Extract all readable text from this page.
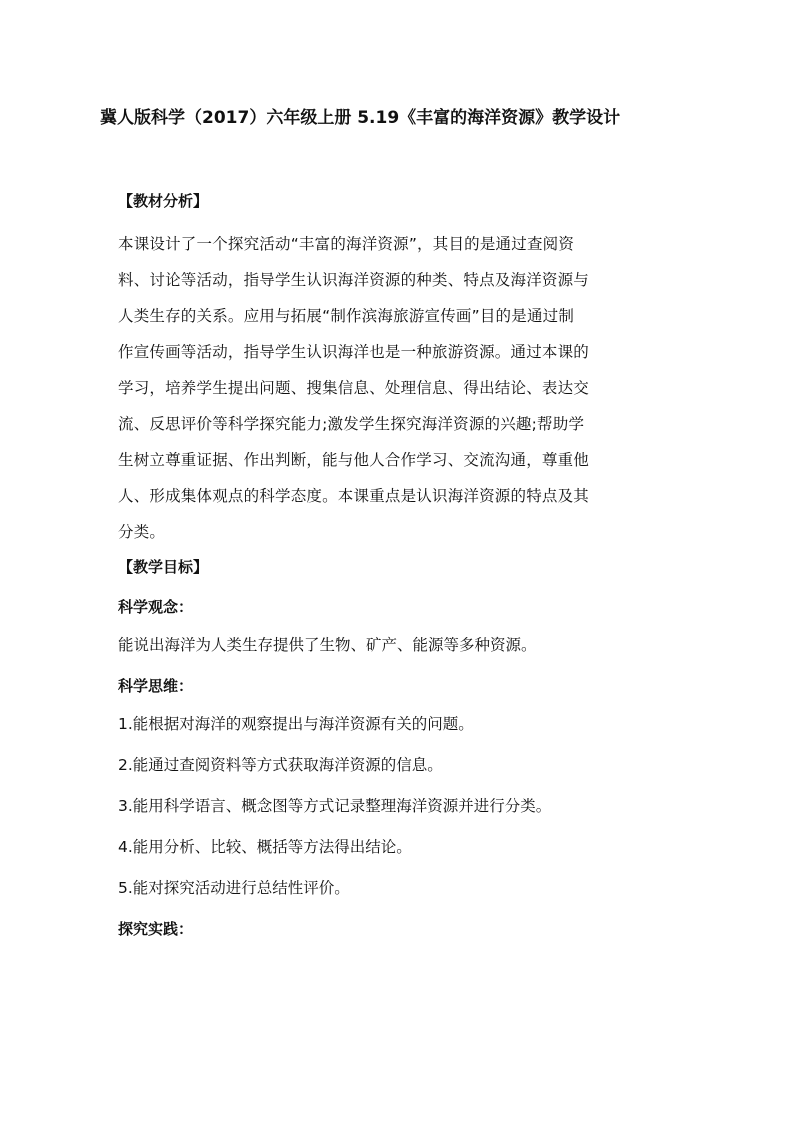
冀人版科学（2017）六年级上册 5.19《丰富的海洋资源》教学设计
【教材分析】
本课设计了一个探究活动“丰富的海洋资源”，其目的是通过查阅资
料、讨论等活动，指导学生认识海洋资源的种类、特点及海洋资源与
人类生存的关系。应用与拓展“制作滨海旅游宣传画”目的是通过制
作宣传画等活动，指导学生认识海洋也是一种旅游资源。通过本课的
学习，培养学生提出问题、搜集信息、处理信息、得出结论、表达交
流、反思评价等科学探究能力;激发学生探究海洋资源的兴趣;帮助学
生树立尊重证据、作出判断，能与他人合作学习、交流沟通，尊重他
人、形成集体观点的科学态度。本课重点是认识海洋资源的特点及其
分类。
【教学目标】
科学观念：
能说出海洋为人类生存提供了生物、矿产、能源等多种资源。
科学思维：
1.能根据对海洋的观察提出与海洋资源有关的问题。
2.能通过查阅资料等方式获取海洋资源的信息。
3.能用科学语言、概念图等方式记录整理海洋资源并进行分类。
4.能用分析、比较、概括等方法得出结论。
5.能对探究活动进行总结性评价。
探究实践：
